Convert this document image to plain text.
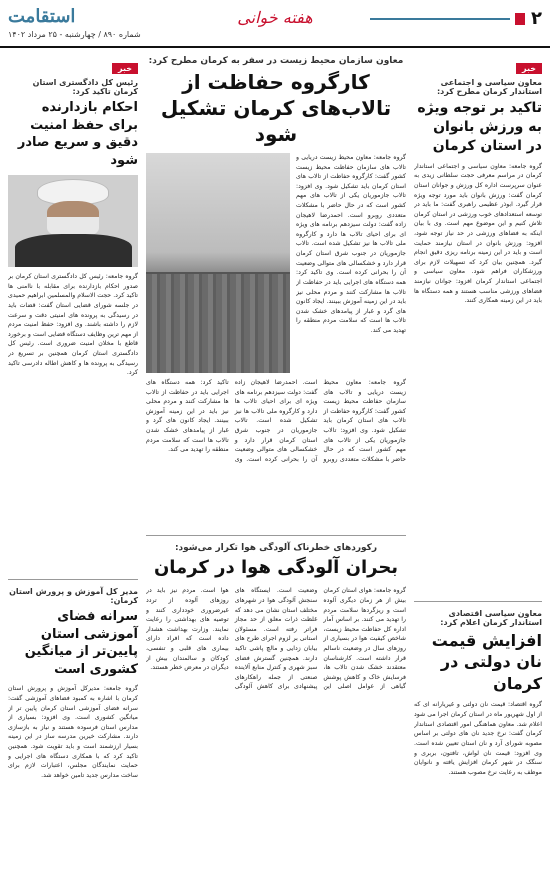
۲
هفته خوانی
استقامت
شماره ۸۹۰ / چهارشنبه - ۲۵ مرداد ۱۴۰۲
خبر
معاون سیاسی و اجتماعی استاندار کرمان مطرح کرد:
تاکید بر توجه ویژه به ورزش بانوان در استان کرمان
گروه جامعه: معاون سیاسی و اجتماعی استاندار کرمان در مراسم معرفی حجت سلطانی زیدی به عنوان سرپرست اداره کل ورزش و جوانان استان کرمان گفت: ورزش بانوان باید مورد توجه ویژه قرار گیرد. ابوذر عظیمی راهبری گفت: ما باید در توسعه استعدادهای خوب ورزشی در استان کرمان تلاش کنیم و این موضوع مهم است. وی با بیان اینکه به فضاهای ورزشی در حد نیاز توجه شود، افزود: ورزش بانوان در استان نیازمند حمایت است و باید در این زمینه برنامه ریزی دقیق انجام گیرد. همچنین بیان کرد که تسهیلات لازم برای ورزشکاران فراهم شود. معاون سیاسی و اجتماعی استاندار کرمان افزود: جوانان نیازمند فضاهای ورزشی مناسب هستند و همه دستگاه ها باید در این زمینه همکاری کنند.
معاون سیاسی اقتصادی استاندار کرمان اعلام کرد:
افزایش قیمت نان دولتی در کرمان
گروه اقتصاد: قیمت نان دولتی و غیریارانه ای که از اول شهریور ماه در استان کرمان اجرا می شود اعلام شد. معاون هماهنگی امور اقتصادی استاندار کرمان گفت: نرخ جدید نان های دولتی بر اساس مصوبه شورای آرد و نان استان تعیین شده است. وی افزود: قیمت نان لواش، تافتون، بربری و سنگک در شهر کرمان افزایش یافته و نانوایان موظف به رعایت نرخ مصوب هستند.
معاون سازمان محیط زیست در سفر به کرمان مطرح کرد:
کارگروه حفاظت از تالاب‌های کرمان تشکیل شود
گروه جامعه: معاون محیط زیست دریایی و تالاب های سازمان حفاظت محیط زیست کشور گفت: کارگروه حفاظت از تالاب های استان کرمان باید تشکیل شود. وی افزود: تالاب جازموریان یکی از تالاب های مهم کشور است که در حال حاضر با مشکلات متعددی روبرو است. احمدرضا لاهیجان زاده گفت: دولت سیزدهم برنامه های ویژه ای برای احیای تالاب ها دارد و کارگروه ملی تالاب ها نیز تشکیل شده است. تالاب جازموریان در جنوب شرق استان کرمان قرار دارد و خشکسالی های متوالی وضعیت آن را بحرانی کرده است. وی تاکید کرد: همه دستگاه های اجرایی باید در حفاظت از تالاب ها مشارکت کنند و مردم محلی نیز باید در این زمینه آموزش ببینند. ایجاد کانون های گرد و غبار از پیامدهای خشک شدن تالاب ها است که سلامت مردم منطقه را تهدید می کند.
گروه جامعه: معاون محیط زیست دریایی و تالاب های سازمان حفاظت محیط زیست کشور گفت: کارگروه حفاظت از تالاب های استان کرمان باید تشکیل شود. وی افزود: تالاب جازموریان یکی از تالاب های مهم کشور است که در حال حاضر با مشکلات متعددی روبرو است. احمدرضا لاهیجان زاده گفت: دولت سیزدهم برنامه های ویژه ای برای احیای تالاب ها دارد و کارگروه ملی تالاب ها نیز تشکیل شده است. تالاب جازموریان در جنوب شرق استان کرمان قرار دارد و خشکسالی های متوالی وضعیت آن را بحرانی کرده است. وی تاکید کرد: همه دستگاه های اجرایی باید در حفاظت از تالاب ها مشارکت کنند و مردم محلی نیز باید در این زمینه آموزش ببینند. ایجاد کانون های گرد و غبار از پیامدهای خشک شدن تالاب ها است که سلامت مردم منطقه را تهدید می کند.
رکوردهای خطرناک آلودگی هوا تکرار می‌شود:
بحران آلودگی هوا در کرمان
گروه جامعه: هوای استان کرمان بیش از هر زمان دیگری آلوده است و ریزگردها سلامت مردم را تهدید می کنند. بر اساس آمار اداره کل حفاظت محیط زیست، شاخص کیفیت هوا در بسیاری از روزهای سال در وضعیت ناسالم قرار داشته است. کارشناسان معتقدند خشک شدن تالاب ها، فرسایش خاک و کاهش پوشش گیاهی از عوامل اصلی این وضعیت است. ایستگاه های سنجش آلودگی هوا در شهرهای مختلف استان نشان می دهد که غلظت ذرات معلق از حد مجاز فراتر رفته است. مسئولان استانی بر لزوم اجرای طرح های بیابان زدایی و مالچ پاشی تاکید دارند. همچنین گسترش فضای سبز شهری و کنترل منابع آلاینده صنعتی از جمله راهکارهای پیشنهادی برای کاهش آلودگی هوا است. مردم نیز باید در روزهای آلوده از تردد غیرضروری خودداری کنند و توصیه های بهداشتی را رعایت نمایند. وزارت بهداشت هشدار داده است که افراد دارای بیماری های قلبی و تنفسی، کودکان و سالمندان بیش از دیگران در معرض خطر هستند.
خبر
رئیس کل دادگستری استان کرمان تاکید کرد:
احکام بازدارنده برای حفظ امنیت دقیق و سریع صادر شود
گروه جامعه: رئیس کل دادگستری استان کرمان بر صدور احکام بازدارنده برای مقابله با ناامنی ها تاکید کرد. حجت الاسلام والمسلمین ابراهیم حمیدی در جلسه شورای قضایی استان گفت: قضات باید در رسیدگی به پرونده های امنیتی دقت و سرعت لازم را داشته باشند. وی افزود: حفظ امنیت مردم از مهم ترین وظایف دستگاه قضایی است و برخورد قاطع با مخلان امنیت ضروری است. رئیس کل دادگستری استان کرمان همچنین بر تسریع در رسیدگی به پرونده ها و کاهش اطاله دادرسی تاکید کرد.
مدیر کل آموزش و پرورش استان کرمان:
سرانه فضای آموزشی استان پایین‌تر از میانگین کشوری است
گروه جامعه: مدیرکل آموزش و پرورش استان کرمان با اشاره به کمبود فضاهای آموزشی گفت: سرانه فضای آموزشی استان کرمان پایین تر از میانگین کشوری است. وی افزود: بسیاری از مدارس استان فرسوده هستند و نیاز به بازسازی دارند. مشارکت خیرین مدرسه ساز در این زمینه بسیار ارزشمند است و باید تقویت شود. همچنین تاکید کرد که با همکاری دستگاه های اجرایی و حمایت نمایندگان مجلس، اعتبارات لازم برای ساخت مدارس جدید تامین خواهد شد.
